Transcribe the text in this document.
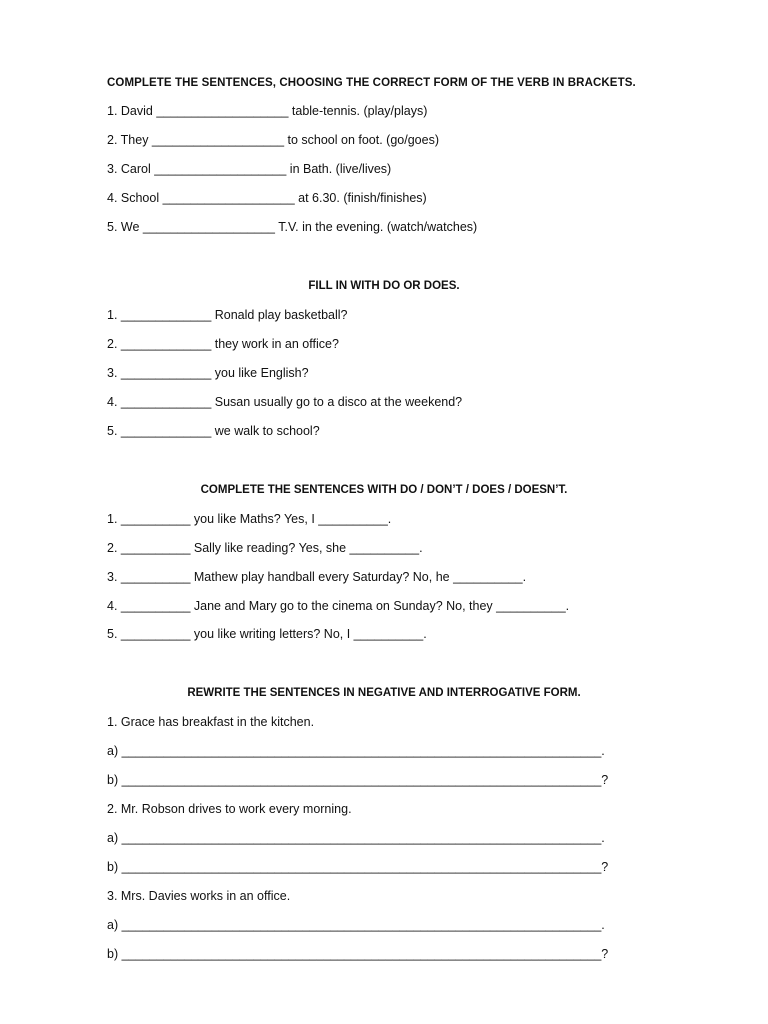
COMPLETE THE SENTENCES, CHOOSING THE CORRECT FORM OF THE VERB IN BRACKETS.
1. David ___________________ table-tennis. (play/plays)
2. They ___________________ to school on foot. (go/goes)
3. Carol ___________________ in Bath. (live/lives)
4. School ___________________ at 6.30. (finish/finishes)
5. We ___________________ T.V. in the evening. (watch/watches)
FILL IN WITH DO OR DOES.
1. _____________ Ronald play basketball?
2. _____________ they work in an office?
3. _____________ you like English?
4. _____________ Susan usually go to a disco at the weekend?
5. _____________ we walk to school?
COMPLETE THE SENTENCES WITH DO / DON’T / DOES / DOESN’T.
1. __________ you like Maths? Yes, I __________.
2. __________ Sally like reading? Yes, she __________.
3. __________ Mathew play handball every Saturday? No, he __________.
4. __________ Jane and Mary go to the cinema on Sunday? No, they __________.
5. __________ you like writing letters? No, I __________.
REWRITE THE SENTENCES IN NEGATIVE AND INTERROGATIVE FORM.
1. Grace has breakfast in the kitchen.
a) _____________________________________________________________________.
b) _____________________________________________________________________?
2. Mr. Robson drives to work every morning.
a) _____________________________________________________________________.
b) _____________________________________________________________________?
3. Mrs. Davies works in an office.
a) _____________________________________________________________________.
b) _____________________________________________________________________?
